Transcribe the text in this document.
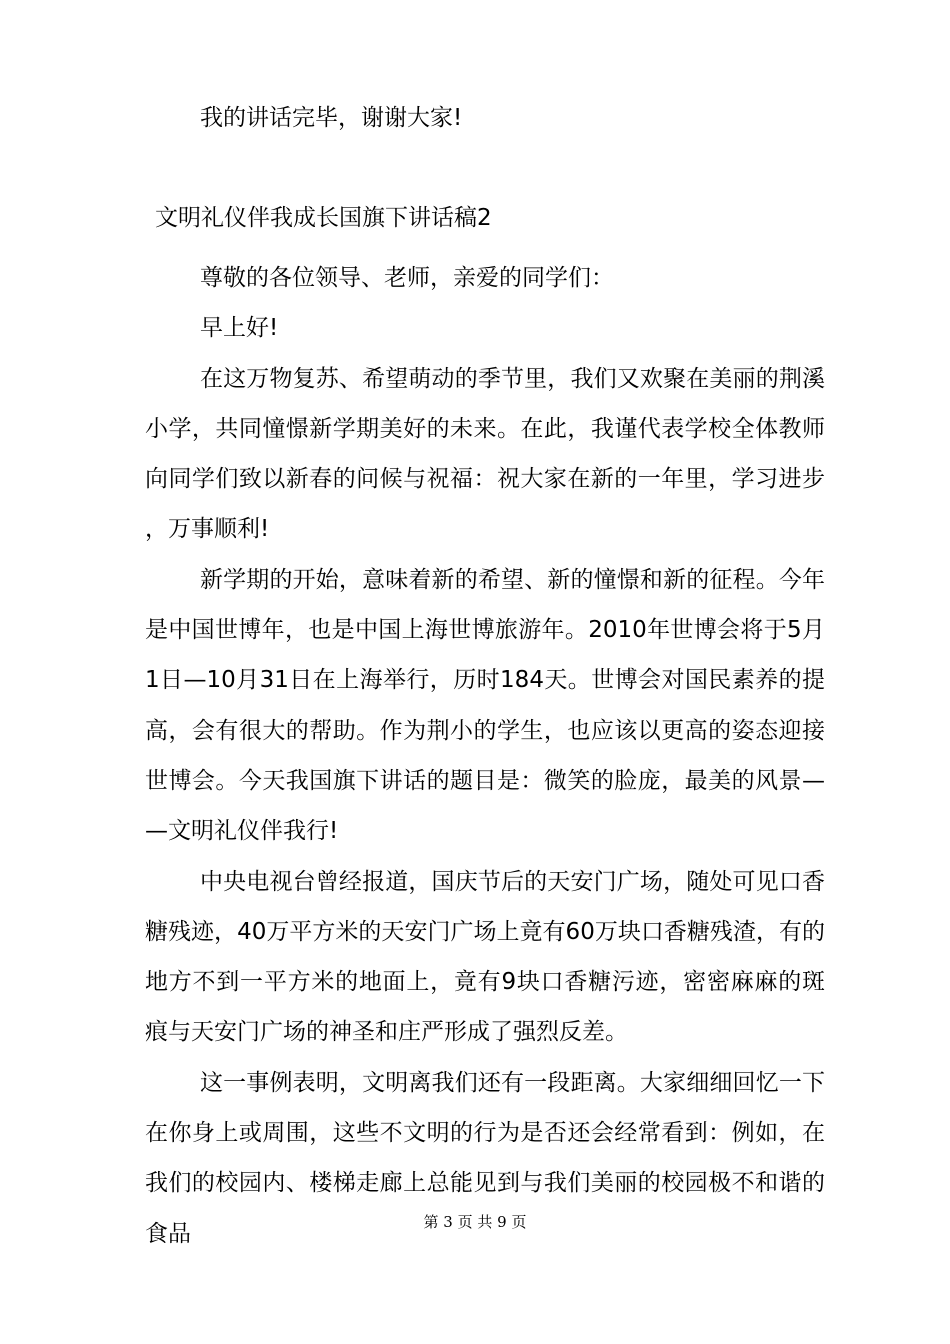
我的讲话完毕，谢谢大家!
文明礼仪伴我成长国旗下讲话稿2

尊敬的各位领导、老师，亲爱的同学们：

早上好!

在这万物复苏、希望萌动的季节里，我们又欢聚在美丽的荆溪小学，共同憧憬新学期美好的未来。在此，我谨代表学校全体教师向同学们致以新春的问候与祝福：祝大家在新的一年里，学习进步，万事顺利!

新学期的开始，意味着新的希望、新的憧憬和新的征程。今年是中国世博年，也是中国上海世博旅游年。2010年世博会将于5月1日—10月31日在上海举行，历时184天。世博会对国民素养的提高，会有很大的帮助。作为荆小的学生，也应该以更高的姿态迎接世博会。今天我国旗下讲话的题目是：微笑的脸庞，最美的风景——文明礼仪伴我行!

中央电视台曾经报道，国庆节后的天安门广场，随处可见口香糖残迹，40万平方米的天安门广场上竟有60万块口香糖残渣，有的地方不到一平方米的地面上，竟有9块口香糖污迹，密密麻麻的斑痕与天安门广场的神圣和庄严形成了强烈反差。

这一事例表明，文明离我们还有一段距离。大家细细回忆一下在你身上或周围，这些不文明的行为是否还会经常看到：例如，在我们的校园内、楼梯走廊上总能见到与我们美丽的校园极不和谐的食品	第 3 页 共 9 页
